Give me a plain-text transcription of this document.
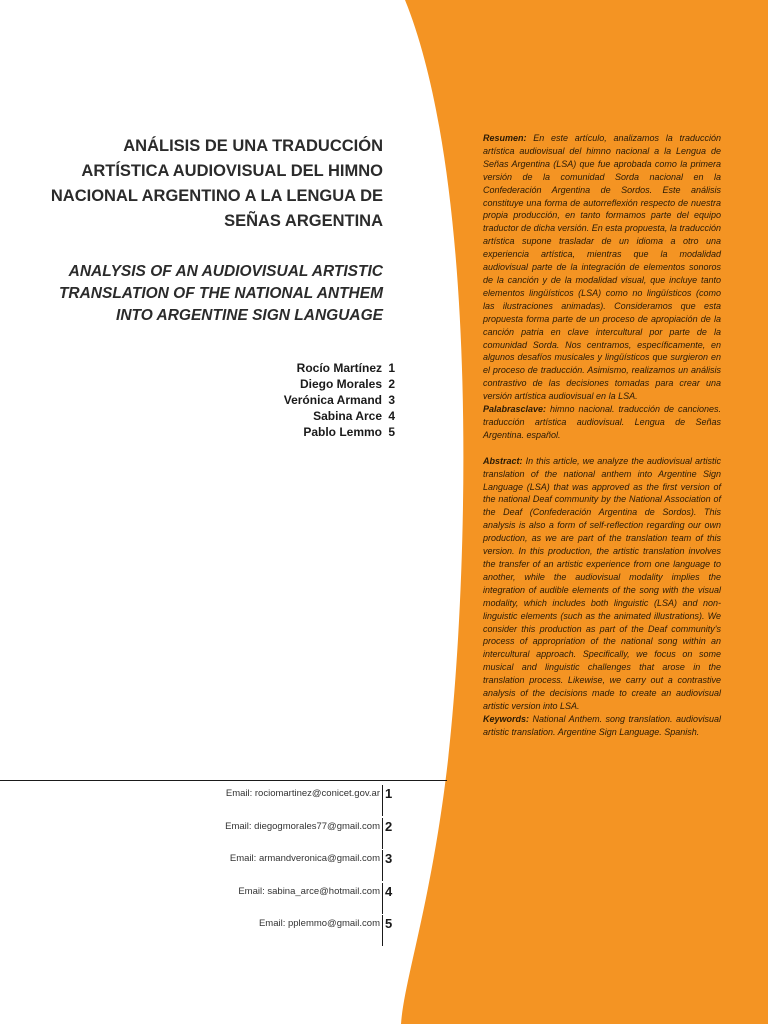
ANÁLISIS DE UNA TRADUCCIÓN ARTÍSTICA AUDIOVISUAL DEL HIMNO NACIONAL ARGENTINO A LA LENGUA DE SEÑAS ARGENTINA
ANALYSIS OF AN AUDIOVISUAL ARTISTIC TRANSLATION OF THE NATIONAL ANTHEM INTO ARGENTINE SIGN LANGUAGE
Rocío Martínez 1
Diego Morales 2
Verónica Armand 3
Sabina Arce 4
Pablo Lemmo 5
Email: rociomartinez@conicet.gov.ar 1
Email: diegogmorales77@gmail.com 2
Email: armandveronica@gmail.com 3
Email: sabina_arce@hotmail.com 4
Email: pplemmo@gmail.com 5

Resumen: En este artículo, analizamos la traducción artística audiovisual del himno nacional a la Lengua de Señas Argentina (LSA) que fue aprobada como la primera versión de la comunidad Sorda nacional en la Confederación Argentina de Sordos. Este análisis constituye una forma de autorreflexión respecto de nuestra propia producción, en tanto formamos parte del equipo traductor de dicha versión. En esta propuesta, la traducción artística supone trasladar de un idioma a otro una experiencia artística, mientras que la modalidad audiovisual parte de la integración de elementos sonoros de la canción y de la modalidad visual, que incluye tanto elementos lingüísticos (LSA) como no lingüísticos (como las ilustraciones animadas). Consideramos que esta propuesta forma parte de un proceso de apropiación de la canción patria en clave intercultural por parte de la comunidad Sorda. Nos centramos, específicamente, en algunos desafíos musicales y lingüísticos que surgieron en el proceso de traducción. Asimismo, realizamos un análisis contrastivo de las decisiones tomadas para crear una versión artística audiovisual en la LSA.

Palabrasclave: himno nacional. traducción de canciones. traducción artística audiovisual. Lengua de Señas Argentina. español.

Abstract: In this article, we analyze the audiovisual artistic translation of the national anthem into Argentine Sign Language (LSA) that was approved as the first version of the national Deaf community by the National Association of the Deaf (Confederación Argentina de Sordos). This analysis is also a form of self-reflection regarding our own production, as we are part of the translation team of this version. In this production, the artistic translation involves the transfer of an artistic experience from one language to another, while the audiovisual modality implies the integration of audible elements of the song with the visual modality, which includes both linguistic (LSA) and non-linguistic elements (such as the animated illustrations). We consider this production as part of the Deaf community's process of appropriation of the national song within an intercultural approach. Specifically, we focus on some musical and linguistic challenges that arose in the translation process. Likewise, we carry out a contrastive analysis of the decisions made to create an audiovisual artistic version into LSA.

Keywords: National Anthem. song translation. audiovisual artistic translation. Argentine Sign Language. Spanish.
